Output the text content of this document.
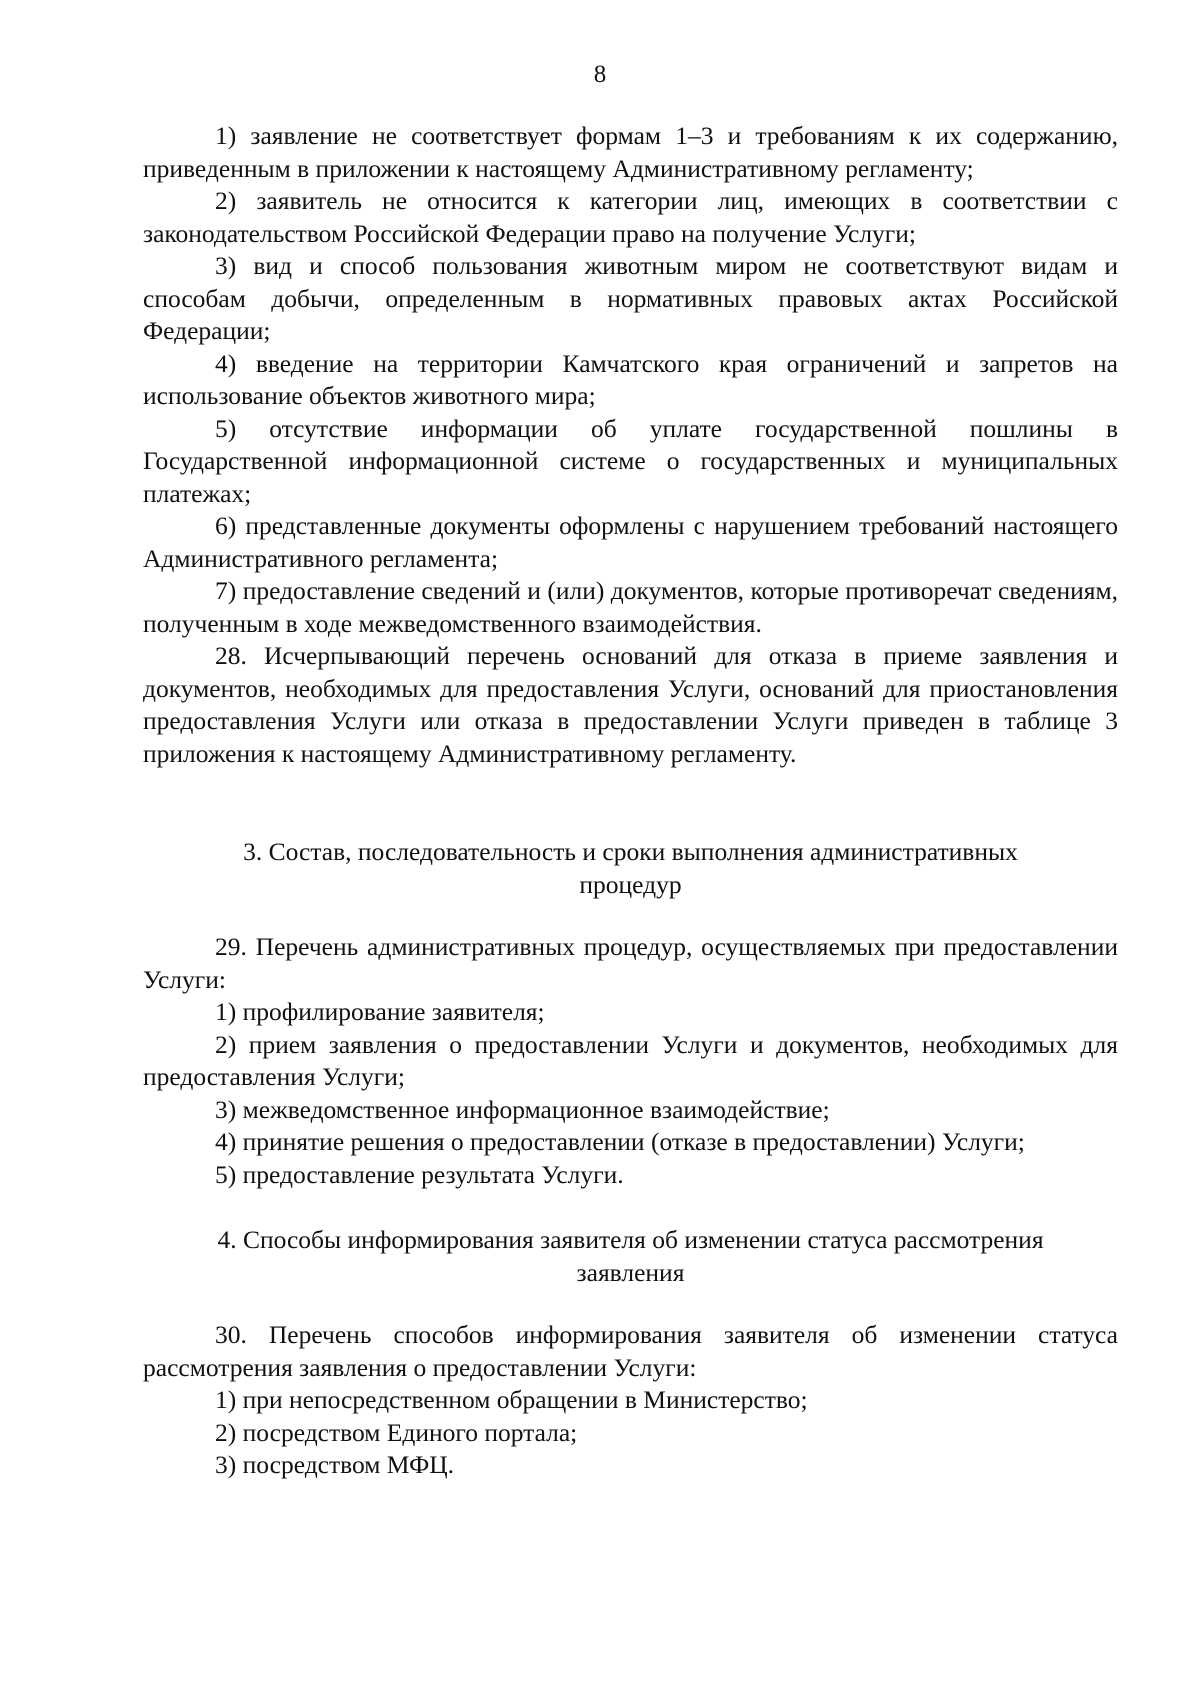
8

1) заявление не соответствует формам 1–3 и требованиям к их содержанию, приведенным в приложении к настоящему Административному регламенту;

2) заявитель не относится к категории лиц, имеющих в соответствии с законодательством Российской Федерации право на получение Услуги;

3) вид и способ пользования животным миром не соответствуют видам и способам добычи, определенным в нормативных правовых актах Российской Федерации;

4) введение на территории Камчатского края ограничений и запретов на использование объектов животного мира;

5) отсутствие информации об уплате государственной пошлины в Государственной информационной системе о государственных и муниципальных платежах;

6) представленные документы оформлены с нарушением требований настоящего Административного регламента;

7) предоставление сведений и (или) документов, которые противоречат сведениям, полученным в ходе межведомственного взаимодействия.

28. Исчерпывающий перечень оснований для отказа в приеме заявления и документов, необходимых для предоставления Услуги, оснований для приостановления предоставления Услуги или отказа в предоставлении Услуги приведен в таблице 3 приложения к настоящему Административному регламенту.

3. Состав, последовательность и сроки выполнения административных
процедур

29. Перечень административных процедур, осуществляемых при предоставлении Услуги:

1) профилирование заявителя;

2) прием заявления о предоставлении Услуги и документов, необходимых для предоставления Услуги;

3) межведомственное информационное взаимодействие;

4) принятие решения о предоставлении (отказе в предоставлении) Услуги;

5) предоставление результата Услуги.

4. Способы информирования заявителя об изменении статуса рассмотрения
заявления

30. Перечень способов информирования заявителя об изменении статуса рассмотрения заявления о предоставлении Услуги:

1) при непосредственном обращении в Министерство;

2) посредством Единого портала;

3) посредством МФЦ.
